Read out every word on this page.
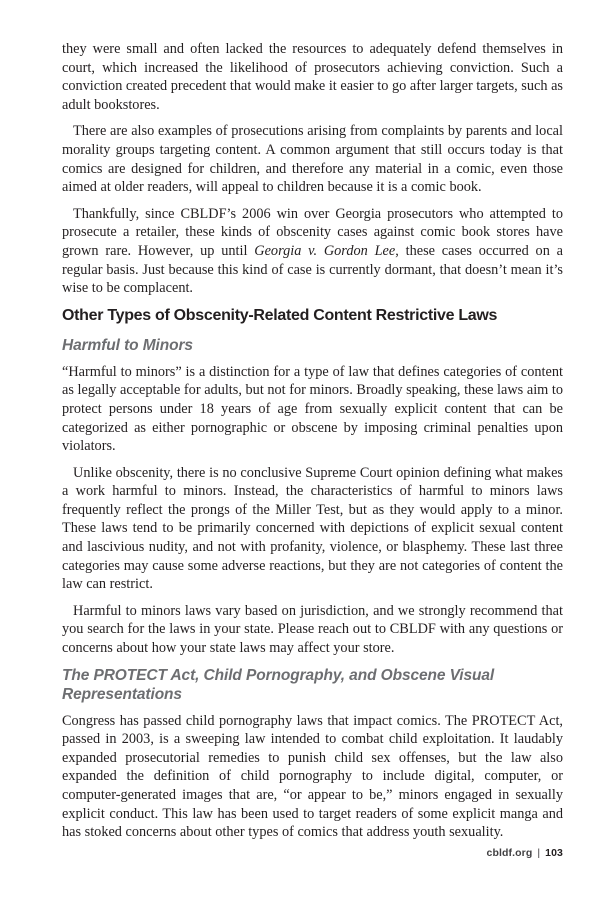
they were small and often lacked the resources to adequately defend themselves in court, which increased the likelihood of prosecutors achieving conviction. Such a conviction created precedent that would make it easier to go after larger targets, such as adult bookstores.

There are also examples of prosecutions arising from complaints by parents and local morality groups targeting content. A common argument that still occurs today is that comics are designed for children, and therefore any material in a comic, even those aimed at older readers, will appeal to children because it is a comic book.

Thankfully, since CBLDF’s 2006 win over Georgia prosecutors who attempted to prosecute a retailer, these kinds of obscenity cases against comic book stores have grown rare. However, up until Georgia v. Gordon Lee, these cases occurred on a regular basis. Just because this kind of case is currently dormant, that doesn’t mean it’s wise to be complacent.

Other Types of Obscenity-Related Content Restrictive Laws
Harmful to Minors

“Harmful to minors” is a distinction for a type of law that defines categories of content as legally acceptable for adults, but not for minors. Broadly speaking, these laws aim to protect persons under 18 years of age from sexually explicit content that can be categorized as either pornographic or obscene by imposing criminal penalties upon violators.

Unlike obscenity, there is no conclusive Supreme Court opinion defining what makes a work harmful to minors. Instead, the characteristics of harmful to minors laws frequently reflect the prongs of the Miller Test, but as they would apply to a minor. These laws tend to be primarily concerned with depictions of explicit sexual content and lascivious nudity, and not with profanity, violence, or blasphemy. These last three categories may cause some adverse reactions, but they are not categories of content the law can restrict.

Harmful to minors laws vary based on jurisdiction, and we strongly recommend that you search for the laws in your state. Please reach out to CBLDF with any questions or concerns about how your state laws may affect your store.

The PROTECT Act, Child Pornography, and Obscene Visual Representations

Congress has passed child pornography laws that impact comics. The PROTECT Act, passed in 2003, is a sweeping law intended to combat child exploitation. It laudably expanded prosecutorial remedies to punish child sex offenses, but the law also expanded the definition of child pornography to include digital, computer, or computer-generated images that are, “or appear to be,” minors engaged in sexually explicit conduct. This law has been used to target readers of some explicit manga and has stoked concerns about other types of comics that address youth sexuality.

cbldf.org | 103
